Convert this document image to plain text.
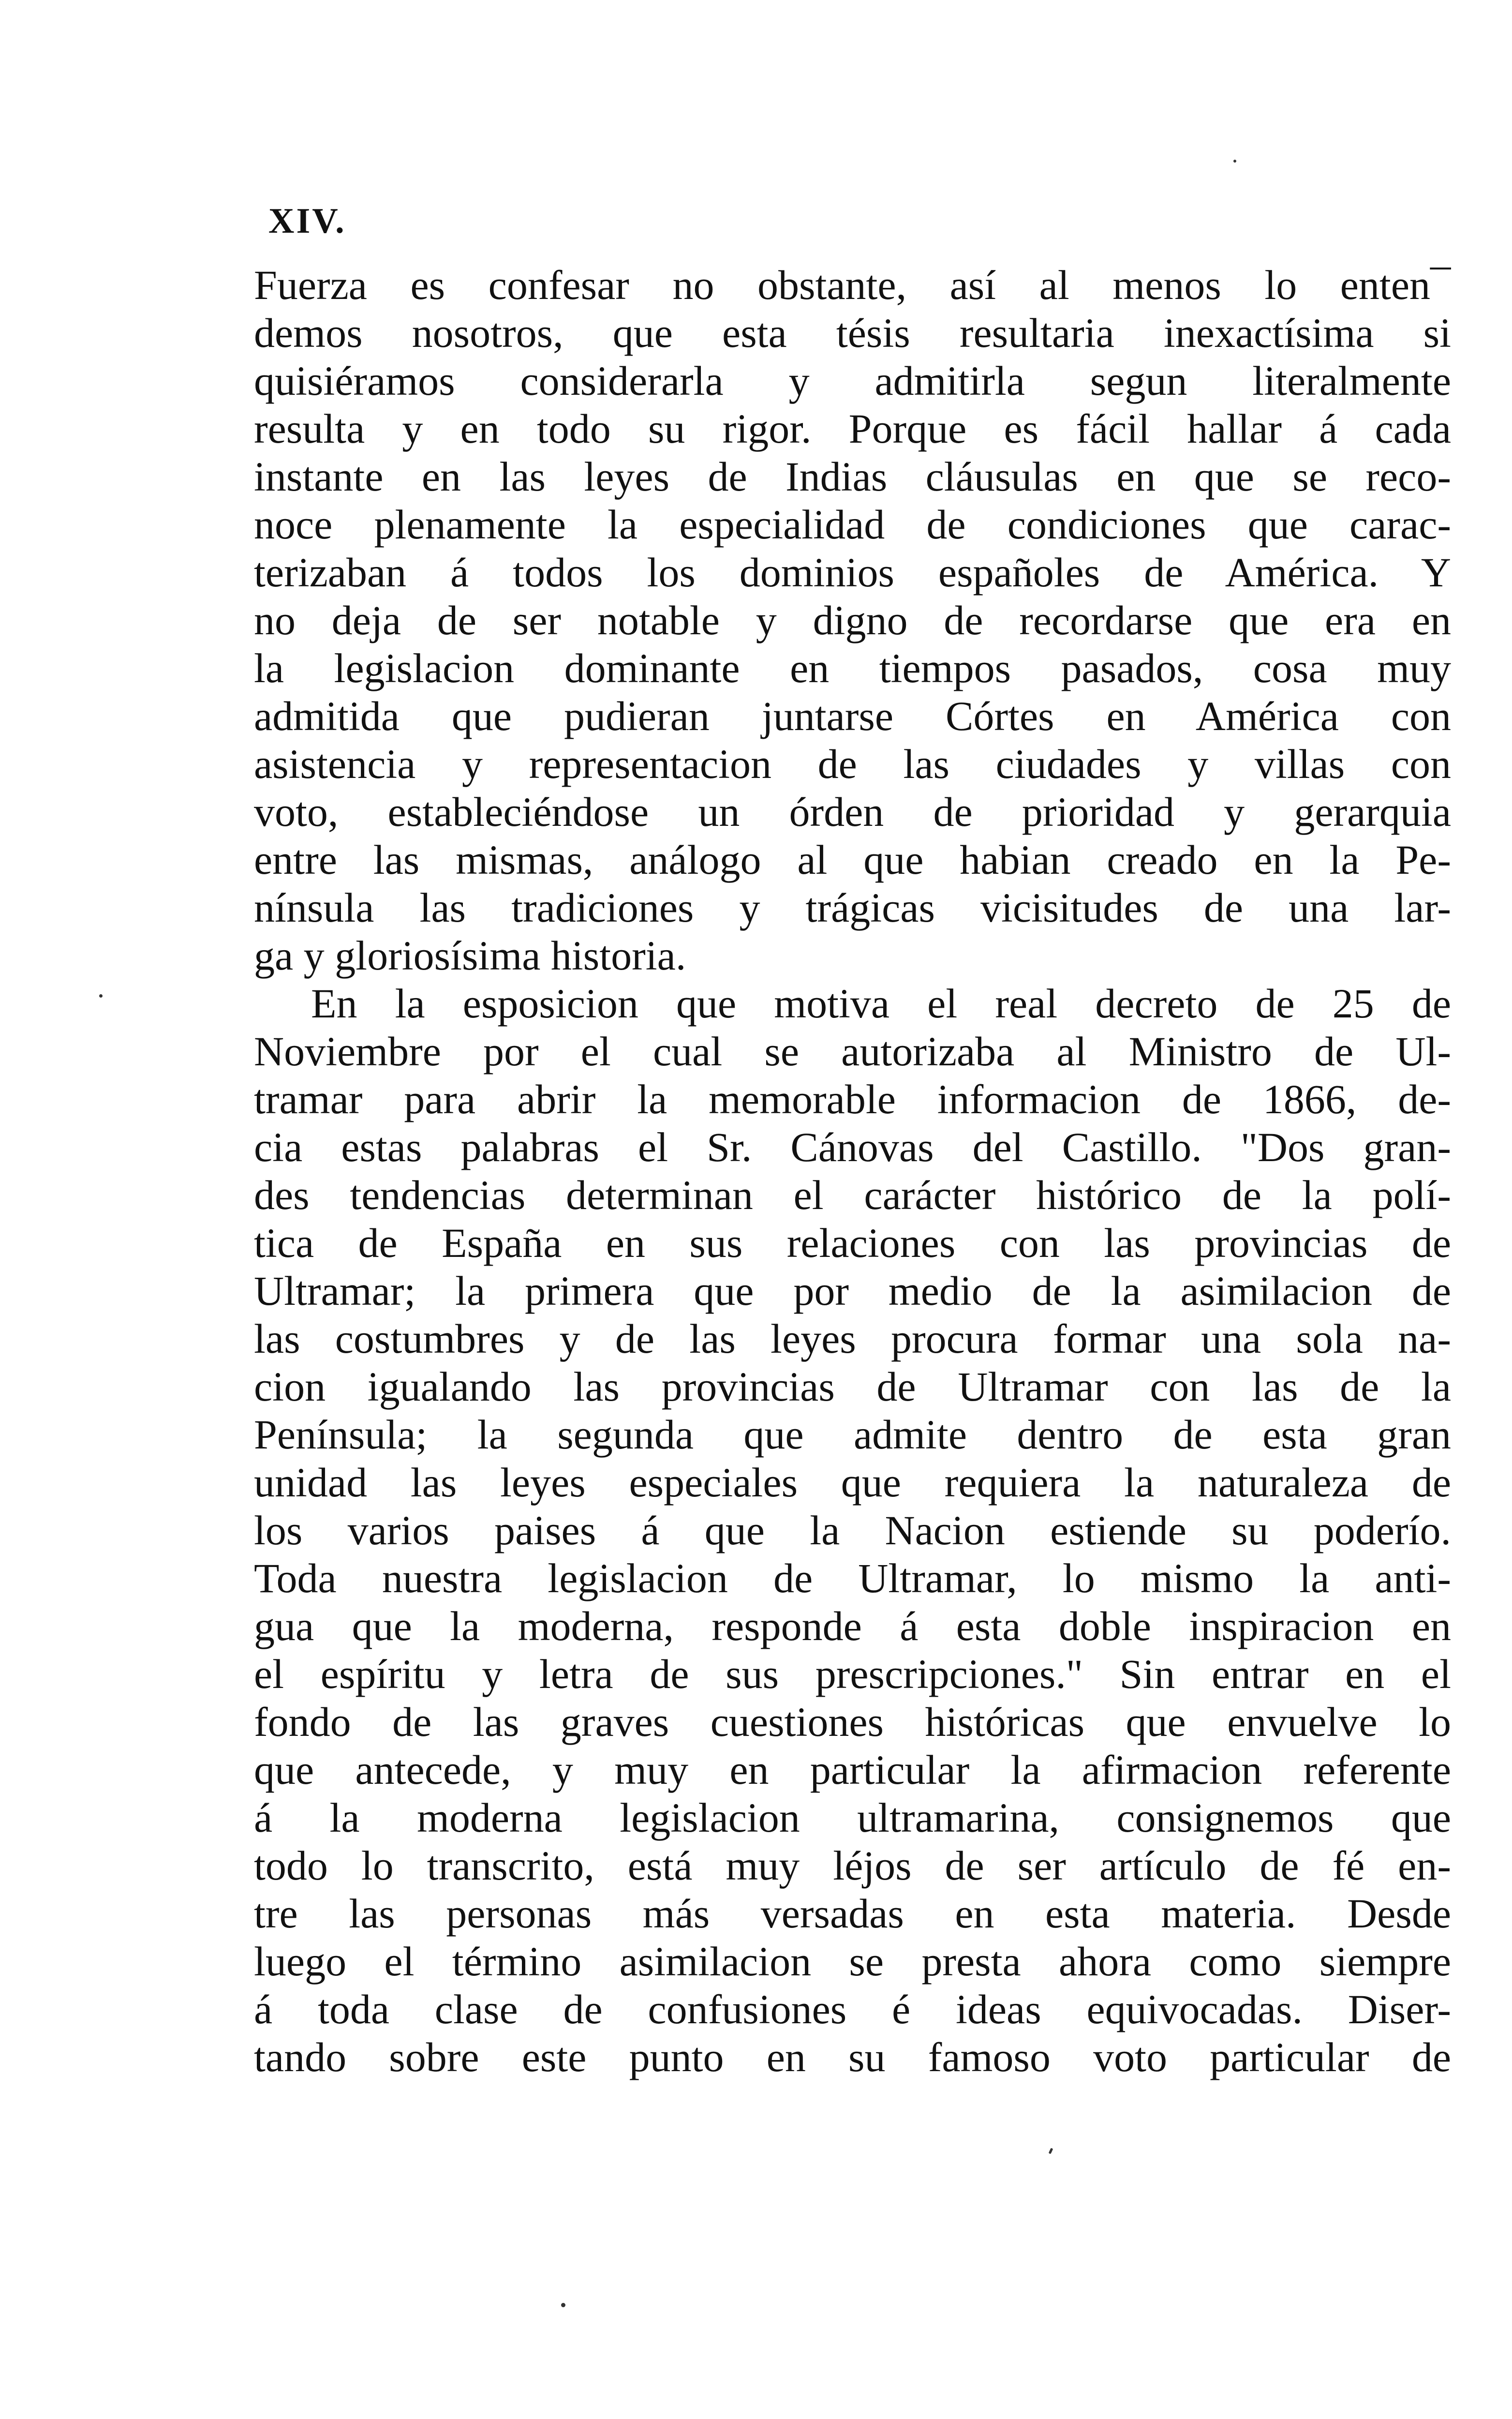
XIV.
Fuerza es confesar no obstante, así al menos lo enten¯
demos nosotros, que esta tésis resultaria inexactísima si
quisiéramos considerarla y admitirla segun literalmente
resulta y en todo su rigor. Porque es fácil hallar á cada
instante en las leyes de Indias cláusulas en que se reco-
noce plenamente la especialidad de condiciones que carac-
terizaban á todos los dominios españoles de América. Y
no deja de ser notable y digno de recordarse que era en
la legislacion dominante en tiempos pasados, cosa muy
admitida que pudieran juntarse Córtes en América con
asistencia y representacion de las ciudades y villas con
voto, estableciéndose un órden de prioridad y gerarquia
entre las mismas, análogo al que habian creado en la Pe-
nínsula las tradiciones y trágicas vicisitudes de una lar-
ga y gloriosísima historia.
En la esposicion que motiva el real decreto de 25 de
Noviembre por el cual se autorizaba al Ministro de Ul-
tramar para abrir la memorable informacion de 1866, de-
cia estas palabras el Sr. Cánovas del Castillo. "Dos gran-
des tendencias determinan el carácter histórico de la polí-
tica de España en sus relaciones con las provincias de
Ultramar; la primera que por medio de la asimilacion de
las costumbres y de las leyes procura formar una sola na-
cion igualando las provincias de Ultramar con las de la
Península; la segunda que admite dentro de esta gran
unidad las leyes especiales que requiera la naturaleza de
los varios paises á que la Nacion estiende su poderío.
Toda nuestra legislacion de Ultramar, lo mismo la anti-
gua que la moderna, responde á esta doble inspiracion en
el espíritu y letra de sus prescripciones." Sin entrar en el
fondo de las graves cuestiones históricas que envuelve lo
que antecede, y muy en particular la afirmacion referente
á la moderna legislacion ultramarina, consignemos que
todo lo transcrito, está muy léjos de ser artículo de fé en-
tre las personas más versadas en esta materia. Desde
luego el término asimilacion se presta ahora como siempre
á toda clase de confusiones é ideas equivocadas. Diser-
tando sobre este punto en su famoso voto particular de
